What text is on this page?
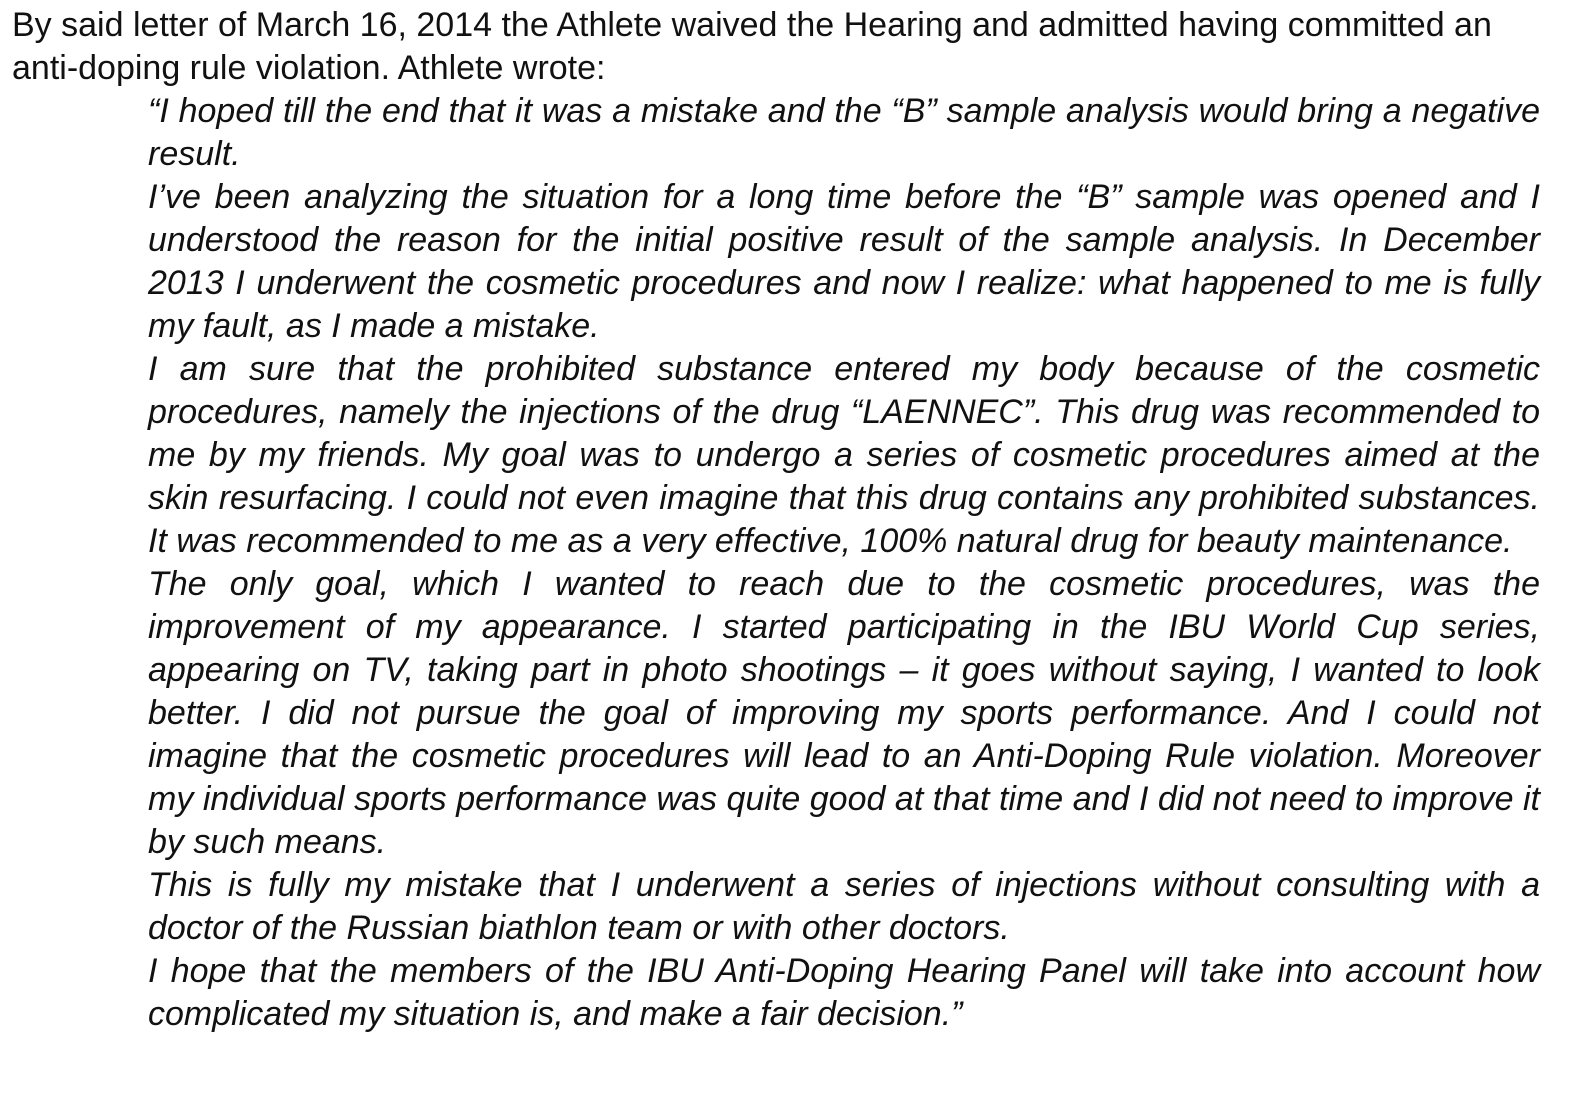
By said letter of March 16, 2014 the Athlete waived the Hearing and admitted having committed an anti-doping rule violation. Athlete wrote:

“I hoped till the end that it was a mistake and the “B” sample analysis would bring a negative result.

I’ve been analyzing the situation for a long time before the “B” sample was opened and I understood the reason for the initial positive result of the sample analysis. In December 2013 I underwent the cosmetic procedures and now I realize: what happened to me is fully my fault, as I made a mistake.

I am sure that the prohibited substance entered my body because of the cosmetic procedures, namely the injections of the drug “LAENNEC”. This drug was recommended to me by my friends. My goal was to undergo a series of cosmetic procedures aimed at the skin resurfacing. I could not even imagine that this drug contains any prohibited substances. It was recommended to me as a very effective, 100% natural drug for beauty maintenance.

The only goal, which I wanted to reach due to the cosmetic procedures, was the improvement of my appearance. I started participating in the IBU World Cup series, appearing on TV, taking part in photo shootings – it goes without saying, I wanted to look better. I did not pursue the goal of improving my sports performance. And I could not imagine that the cosmetic procedures will lead to an Anti-Doping Rule violation. Moreover my individual sports performance was quite good at that time and I did not need to improve it by such means.

This is fully my mistake that I underwent a series of injections without consulting with a doctor of the Russian biathlon team or with other doctors.

I hope that the members of the IBU Anti-Doping Hearing Panel will take into account how complicated my situation is, and make a fair decision.”
